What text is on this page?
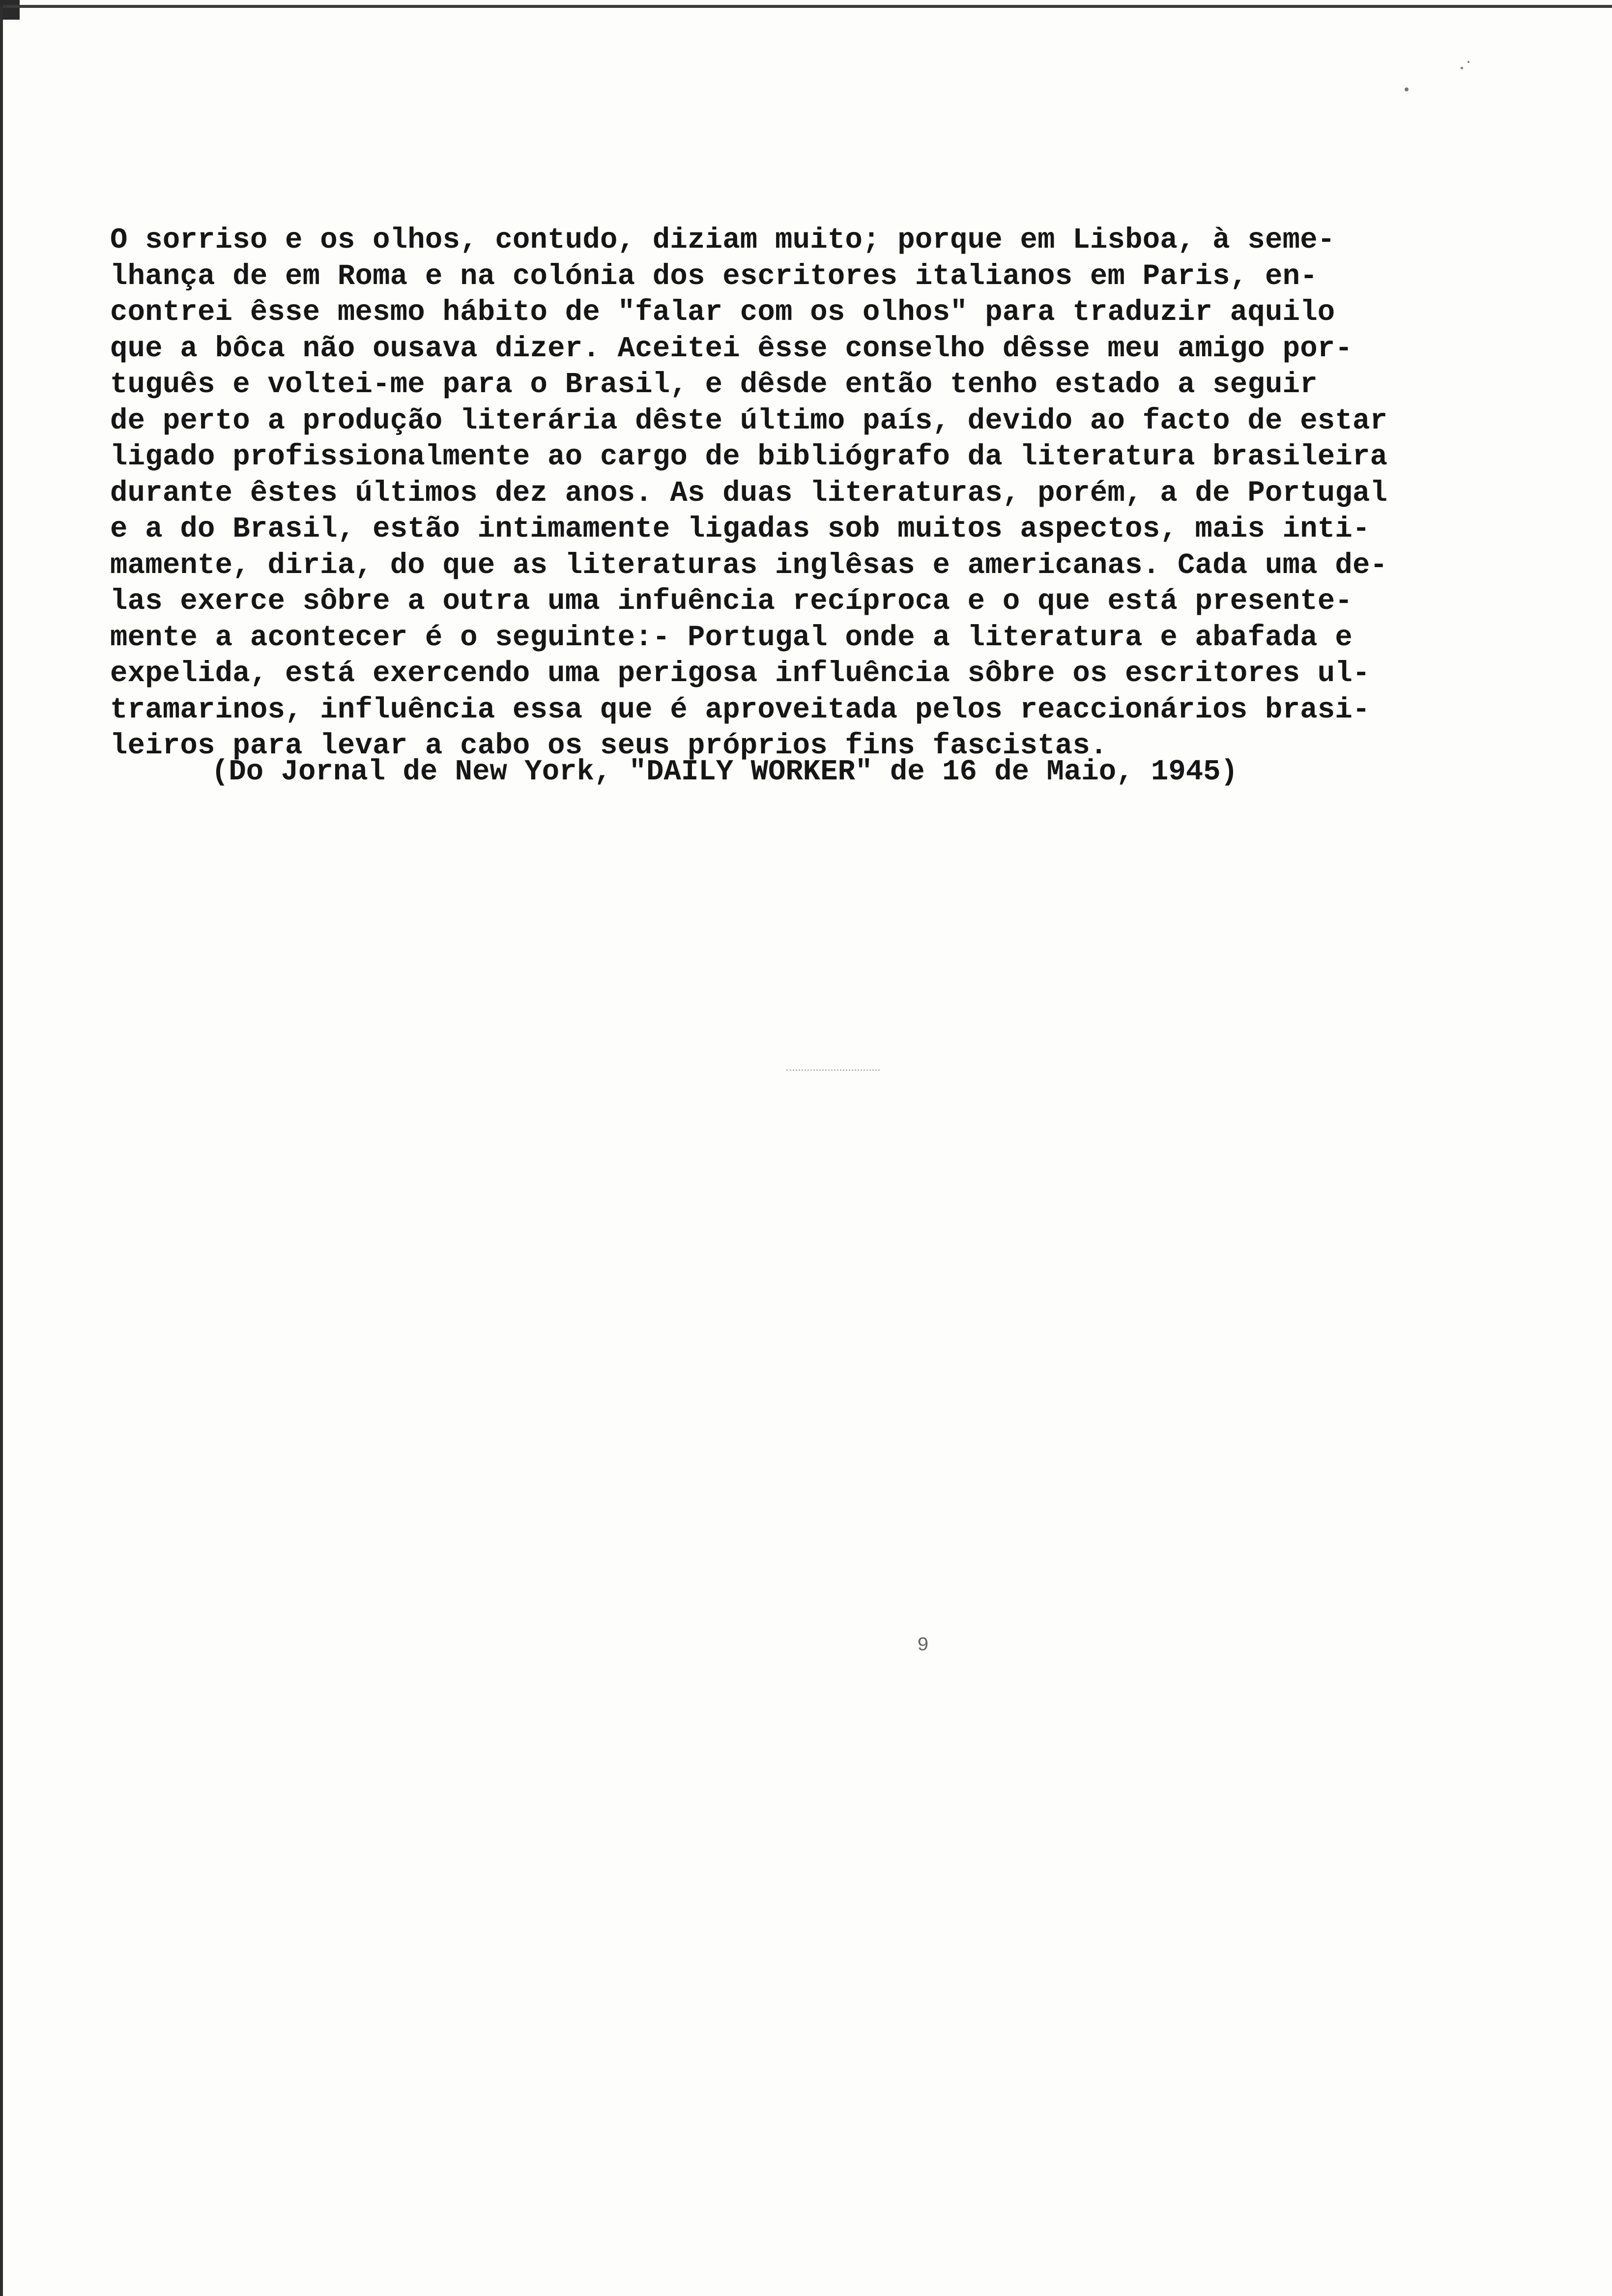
O sorriso e os olhos, contudo, diziam muito; porque em Lisboa, à seme-
lhança de em Roma e na colónia dos escritores italianos em Paris, en-
contrei êsse mesmo hábito de "falar com os olhos" para traduzir aquilo
que a bôca não ousava dizer. Aceitei êsse conselho dêsse meu amigo por-
tuguês e voltei-me para o Brasil, e dêsde então tenho estado a seguir
de perto a produção literária dêste último país, devido ao facto de estar
ligado profissionalmente ao cargo de bibliógrafo da literatura brasileira
durante êstes últimos dez anos. As duas literaturas, porém, a de Portugal
e a do Brasil, estão intimamente ligadas sob muitos aspectos, mais inti-
mamente, diria, do que as literaturas inglêsas e americanas. Cada uma de-
las exerce sôbre a outra uma infuência recíproca e o que está presente-
mente a acontecer é o seguinte:- Portugal onde a literatura e abafada e
expelida, está exercendo uma perigosa influência sôbre os escritores ul-
tramarinos, influência essa que é aproveitada pelos reaccionários brasi-
leiros para levar a cabo os seus próprios fins fascistas.

(Do Jornal de New York, "DAILY WORKER" de 16 de Maio, 1945)

9
